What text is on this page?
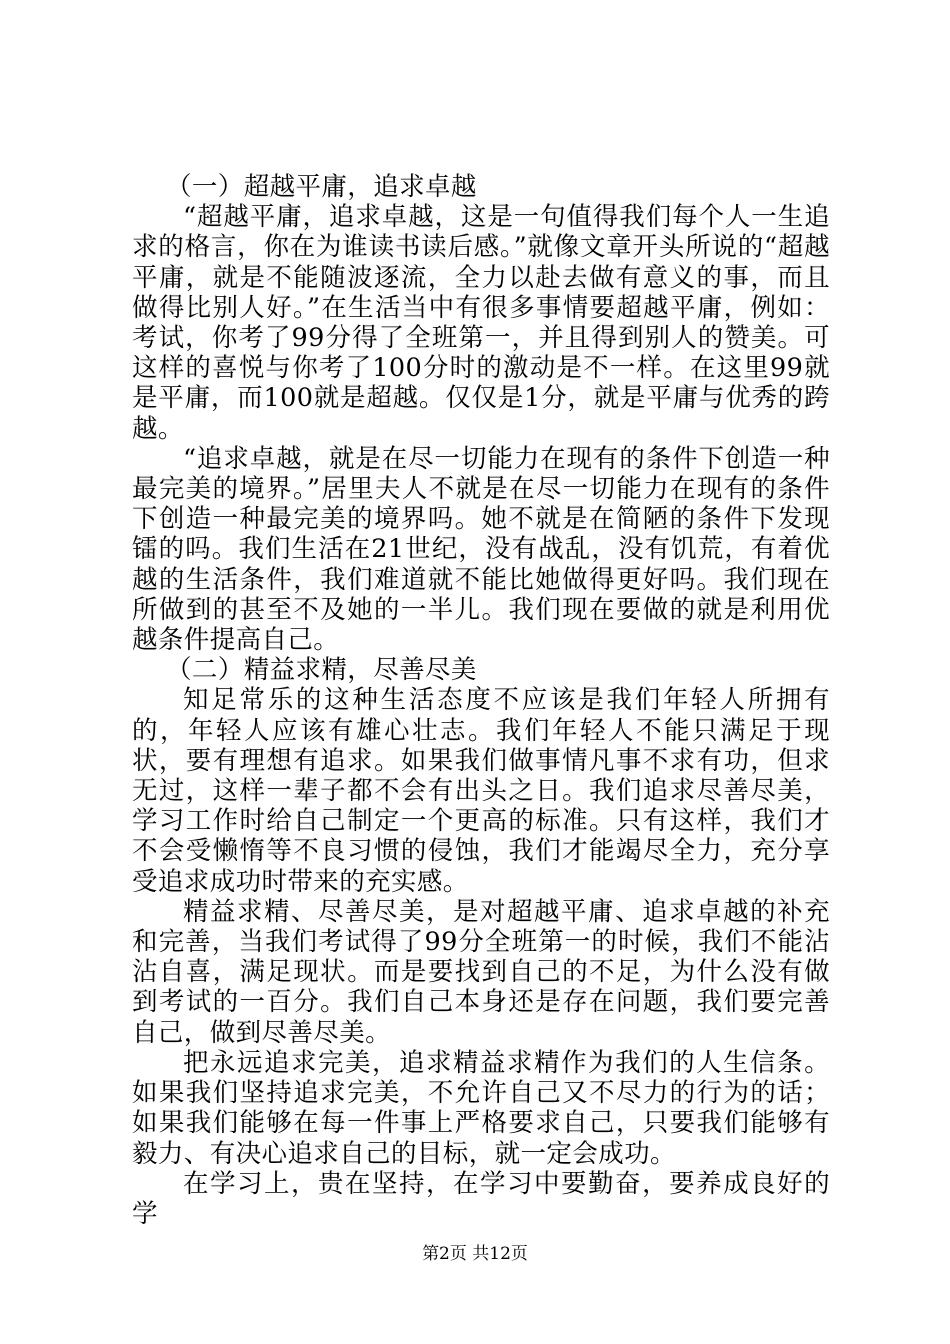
（一）超越平庸，追求卓越

“超越平庸，追求卓越，这是一句值得我们每个人一生追求的格言，你在为谁读书读后感。”就像文章开头所说的“超越平庸，就是不能随波逐流，全力以赴去做有意义的事，而且做得比别人好。”在生活当中有很多事情要超越平庸，例如：考试，你考了99分得了全班第一，并且得到别人的赞美。可这样的喜悦与你考了100分时的激动是不一样。在这里99就是平庸，而100就是超越。仅仅是1分，就是平庸与优秀的跨越。

“追求卓越，就是在尽一切能力在现有的条件下创造一种最完美的境界。”居里夫人不就是在尽一切能力在现有的条件下创造一种最完美的境界吗。她不就是在简陋的条件下发现镭的吗。我们生活在21世纪，没有战乱，没有饥荒，有着优越的生活条件，我们难道就不能比她做得更好吗。我们现在所做到的甚至不及她的一半儿。我们现在要做的就是利用优越条件提高自己。

（二）精益求精，尽善尽美

知足常乐的这种生活态度不应该是我们年轻人所拥有的，年轻人应该有雄心壮志。我们年轻人不能只满足于现状，要有理想有追求。如果我们做事情凡事不求有功，但求无过，这样一辈子都不会有出头之日。我们追求尽善尽美，学习工作时给自己制定一个更高的标准。只有这样，我们才不会受懒惰等不良习惯的侵蚀，我们才能竭尽全力，充分享受追求成功时带来的充实感。

精益求精、尽善尽美，是对超越平庸、追求卓越的补充和完善，当我们考试得了99分全班第一的时候，我们不能沾沾自喜，满足现状。而是要找到自己的不足，为什么没有做到考试的一百分。我们自己本身还是存在问题，我们要完善自己，做到尽善尽美。

把永远追求完美，追求精益求精作为我们的人生信条。如果我们坚持追求完美，不允许自己又不尽力的行为的话；如果我们能够在每一件事上严格要求自己，只要我们能够有毅力、有决心追求自己的目标，就一定会成功。

在学习上，贵在坚持，在学习中要勤奋，要养成良好的学

第2页 共12页
